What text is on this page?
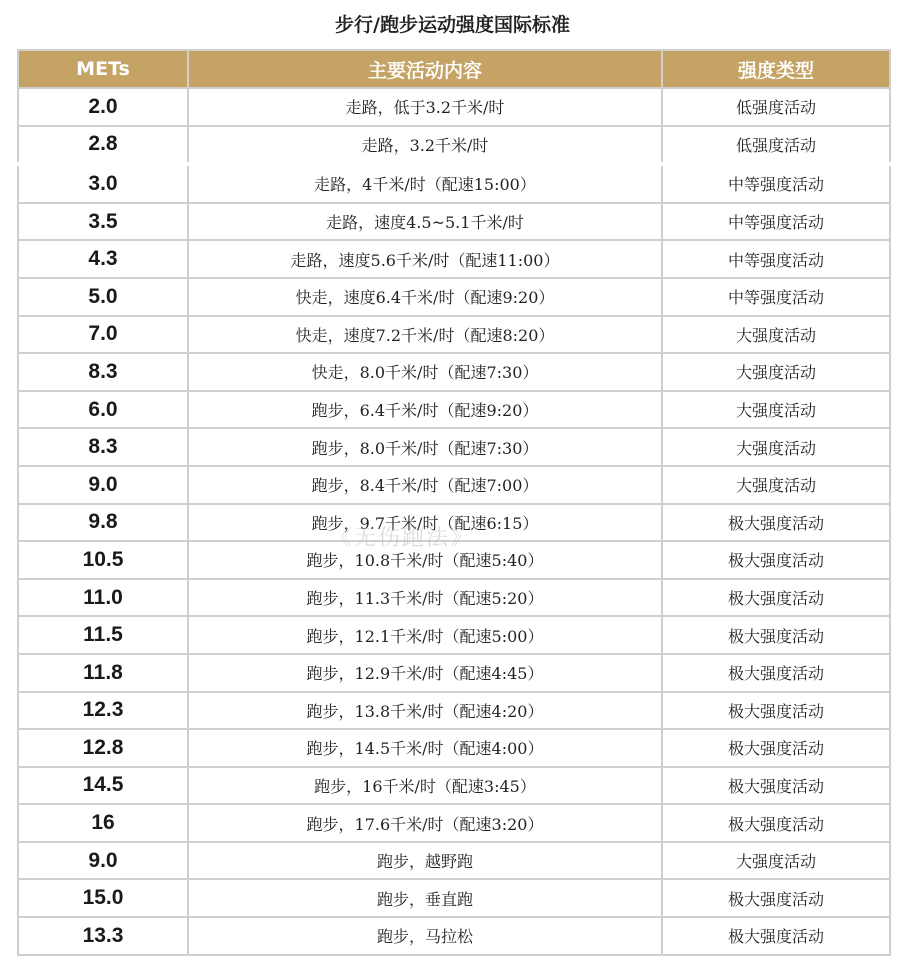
步行/跑步运动强度国际标准
METs	主要活动内容	强度类型
2.0	走路，低于3.2千米/时	低强度活动
2.8	走路，3.2千米/时	低强度活动
3.0	走路，4千米/时（配速15:00）	中等强度活动
3.5	走路，速度4.5~5.1千米/时	中等强度活动
4.3	走路，速度5.6千米/时（配速11:00）	中等强度活动
5.0	快走，速度6.4千米/时（配速9:20）	中等强度活动
7.0	快走，速度7.2千米/时（配速8:20）	大强度活动
8.3	快走，8.0千米/时（配速7:30）	大强度活动
6.0	跑步，6.4千米/时（配速9:20）	大强度活动
8.3	跑步，8.0千米/时（配速7:30）	大强度活动
9.0	跑步，8.4千米/时（配速7:00）	大强度活动
9.8	跑步，9.7千米/时（配速6:15）	极大强度活动
10.5	跑步，10.8千米/时（配速5:40）	极大强度活动
11.0	跑步，11.3千米/时（配速5:20）	极大强度活动
11.5	跑步，12.1千米/时（配速5:00）	极大强度活动
11.8	跑步，12.9千米/时（配速4:45）	极大强度活动
12.3	跑步，13.8千米/时（配速4:20）	极大强度活动
12.8	跑步，14.5千米/时（配速4:00）	极大强度活动
14.5	跑步，16千米/时（配速3:45）	极大强度活动
16	跑步，17.6千米/时（配速3:20）	极大强度活动
9.0	跑步，越野跑	大强度活动
15.0	跑步，垂直跑	极大强度活动
13.3	跑步，马拉松	极大强度活动
《无伤跑法》
